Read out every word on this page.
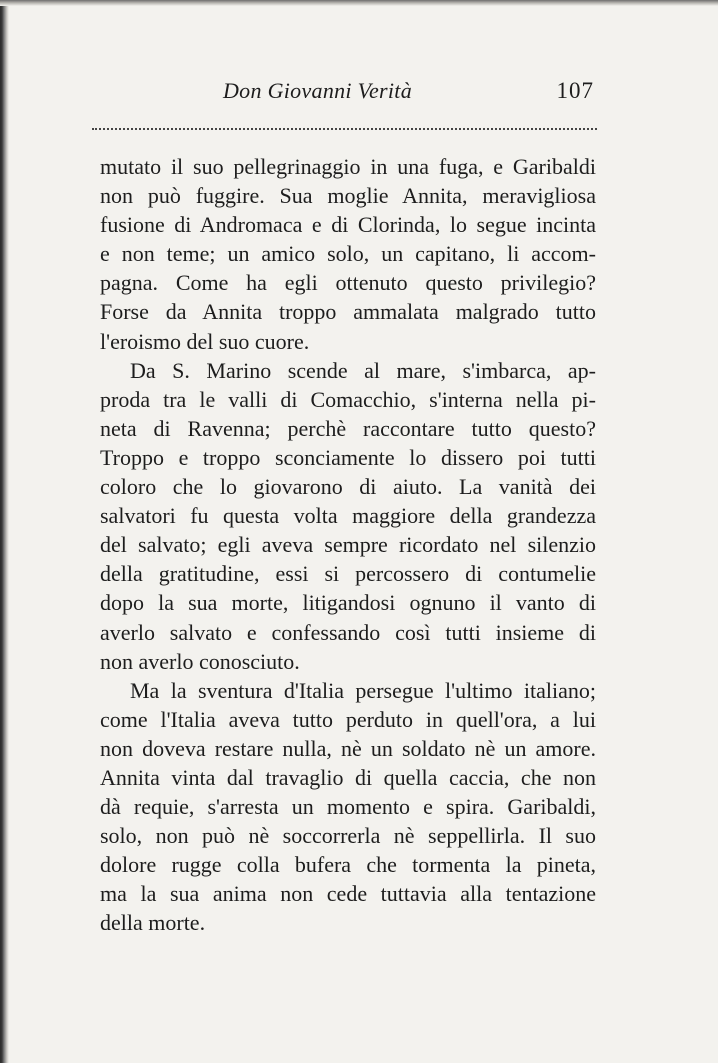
Don Giovanni Verità	107
mutato il suo pellegrinaggio in una fuga, e Garibaldi
non può fuggire. Sua moglie Annita, meravigliosa
fusione di Andromaca e di Clorinda, lo segue incinta
e non teme; un amico solo, un capitano, li accom-
pagna. Come ha egli ottenuto questo privilegio?
Forse da Annita troppo ammalata malgrado tutto
l'eroismo del suo cuore.
Da S. Marino scende al mare, s'imbarca, ap-
proda tra le valli di Comacchio, s'interna nella pi-
neta di Ravenna; perchè raccontare tutto questo?
Troppo e troppo sconciamente lo dissero poi tutti
coloro che lo giovarono di aiuto. La vanità dei
salvatori fu questa volta maggiore della grandezza
del salvato; egli aveva sempre ricordato nel silenzio
della gratitudine, essi si percossero di contumelie
dopo la sua morte, litigandosi ognuno il vanto di
averlo salvato e confessando così tutti insieme di
non averlo conosciuto.
Ma la sventura d'Italia persegue l'ultimo italiano;
come l'Italia aveva tutto perduto in quell'ora, a lui
non doveva restare nulla, nè un soldato nè un amore.
Annita vinta dal travaglio di quella caccia, che non
dà requie, s'arresta un momento e spira. Garibaldi,
solo, non può nè soccorrerla nè seppellirla. Il suo
dolore rugge colla bufera che tormenta la pineta,
ma la sua anima non cede tuttavia alla tentazione
della morte.
